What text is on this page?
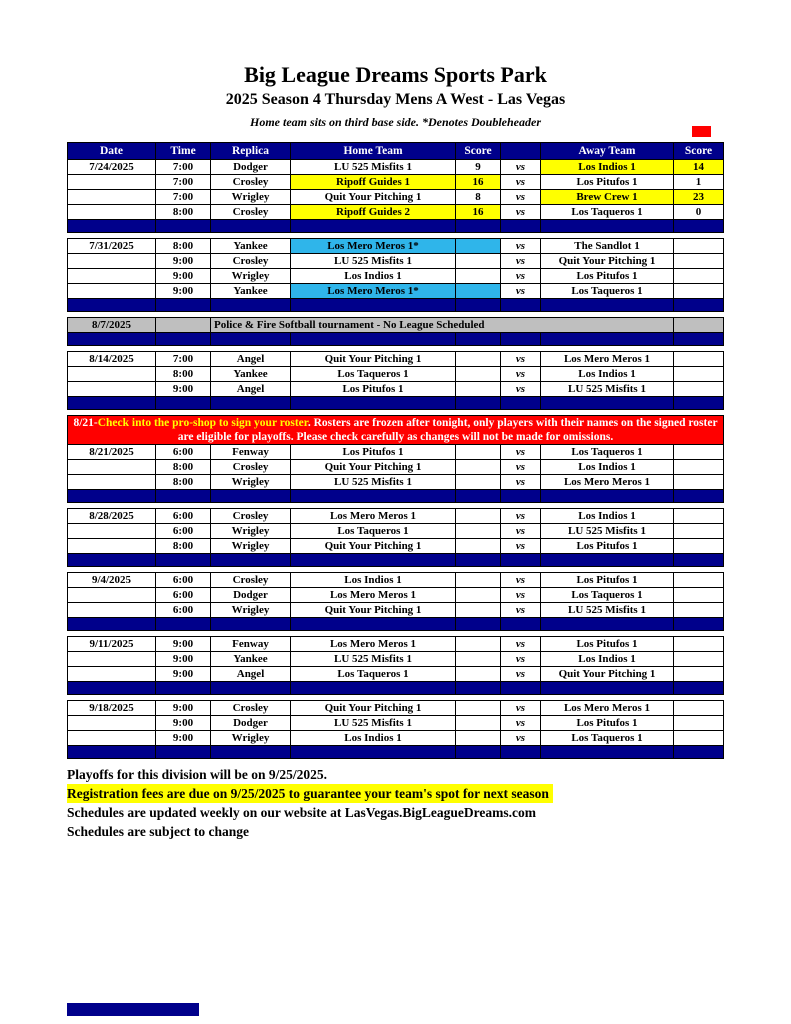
Big League Dreams Sports Park
2025 Season 4 Thursday Mens A West - Las Vegas
Home team sits on third base side. *Denotes Doubleheader
Date	Time	Replica	Home Team	Score		Away Team	Score
7/24/2025	7:00	Dodger	LU 525 Misfits 1	9	vs	Los Indios 1	14
	7:00	Crosley	Ripoff Guides 1	16	vs	Los Pitufos 1	1
	7:00	Wrigley	Quit Your Pitching 1	8	vs	Brew Crew 1	23
	8:00	Crosley	Ripoff Guides 2	16	vs	Los Taqueros 1	0

7/31/2025	8:00	Yankee	Los Mero Meros 1*		vs	The Sandlot 1	
	9:00	Crosley	LU 525 Misfits 1		vs	Quit Your Pitching 1	
	9:00	Wrigley	Los Indios 1		vs	Los Pitufos 1	
	9:00	Yankee	Los Mero Meros 1*		vs	Los Taqueros 1	

8/7/2025		Police & Fire Softball tournament - No League Scheduled					

8/14/2025	7:00	Angel	Quit Your Pitching 1		vs	Los Mero Meros 1	
	8:00	Yankee	Los Taqueros 1		vs	Los Indios 1	
	9:00	Angel	Los Pitufos 1		vs	LU 525 Misfits 1	

8/21-Check into the pro-shop to sign your roster. Rosters are frozen after tonight, only players with their names on the signed roster are eligible for playoffs. Please check carefully as changes will not be made for omissions.							
8/21/2025	6:00	Fenway	Los Pitufos 1		vs	Los Taqueros 1	
	8:00	Crosley	Quit Your Pitching 1		vs	Los Indios 1	
	8:00	Wrigley	LU 525 Misfits 1		vs	Los Mero Meros 1	

8/28/2025	6:00	Crosley	Los Mero Meros 1		vs	Los Indios 1	
	6:00	Wrigley	Los Taqueros 1		vs	LU 525 Misfits 1	
	8:00	Wrigley	Quit Your Pitching 1		vs	Los Pitufos 1	

9/4/2025	6:00	Crosley	Los Indios 1		vs	Los Pitufos 1	
	6:00	Dodger	Los Mero Meros 1		vs	Los Taqueros 1	
	6:00	Wrigley	Quit Your Pitching 1		vs	LU 525 Misfits 1	

9/11/2025	9:00	Fenway	Los Mero Meros 1		vs	Los Pitufos 1	
	9:00	Yankee	LU 525 Misfits 1		vs	Los Indios 1	
	9:00	Angel	Los Taqueros 1		vs	Quit Your Pitching 1	

9/18/2025	9:00	Crosley	Quit Your Pitching 1		vs	Los Mero Meros 1	
	9:00	Dodger	LU 525 Misfits 1		vs	Los Pitufos 1	
	9:00	Wrigley	Los Indios 1		vs	Los Taqueros 1	

Playoffs for this division will be on 9/25/2025.
Registration fees are due on 9/25/2025 to guarantee your team's spot for next season
Schedules are updated weekly on our website at LasVegas.BigLeagueDreams.com
Schedules are subject to change
